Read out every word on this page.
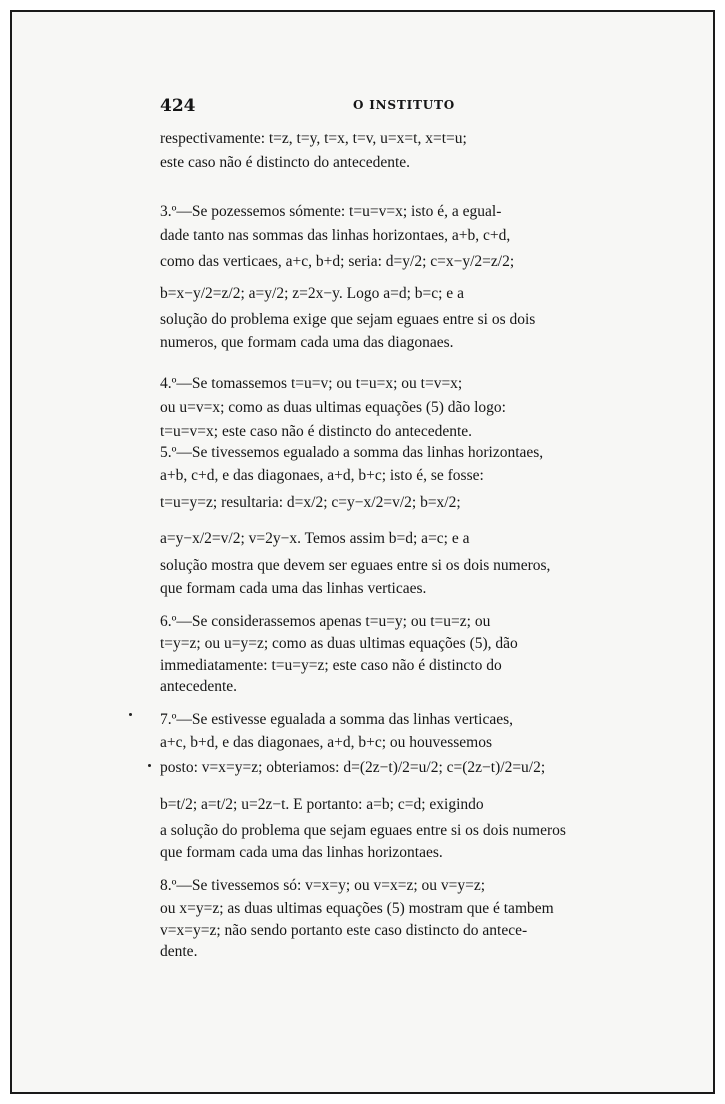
424	O INSTITUTO
respectivamente: t=z, t=y, t=x, t=v, u=x=t, x=t=u;
este caso não é distincto do antecedente.
3.º—Se pozessemos sómente: t=u=v=x; isto é, a egual-
dade tanto nas sommas das linhas horizontaes, a+b, c+d,
como das verticaes, a+c, b+d; seria: d=y/2; c=x−y/2=z/2;
b=x−y/2=z/2; a=y/2; z=2x−y. Logo a=d; b=c; e a
solução do problema exige que sejam eguaes entre si os dois
numeros, que formam cada uma das diagonaes.
4.º—Se tomassemos t=u=v; ou t=u=x; ou t=v=x;
ou u=v=x; como as duas ultimas equações (5) dão logo:
t=u=v=x; este caso não é distincto do antecedente.
5.º—Se tivessemos egualado a somma das linhas horizontaes,
a+b, c+d, e das diagonaes, a+d, b+c; isto é, se fosse:
t=u=y=z; resultaria: d=x/2; c=y−x/2=v/2; b=x/2;
a=y−x/2=v/2; v=2y−x. Temos assim b=d; a=c; e a
solução mostra que devem ser eguaes entre si os dois numeros,
que formam cada uma das linhas verticaes.
6.º—Se considerassemos apenas t=u=y; ou t=u=z; ou
t=y=z; ou u=y=z; como as duas ultimas equações (5), dão
immediatamente: t=u=y=z; este caso não é distincto do
antecedente.
7.º—Se estivesse egualada a somma das linhas verticaes,
a+c, b+d, e das diagonaes, a+d, b+c; ou houvessemos
posto: v=x=y=z; obteriamos: d=(2z−t)/2=u/2; c=(2z−t)/2=u/2;
b=t/2; a=t/2; u=2z−t. E portanto: a=b; c=d; exigindo
a solução do problema que sejam eguaes entre si os dois numeros
que formam cada uma das linhas horizontaes.
8.º—Se tivessemos só: v=x=y; ou v=x=z; ou v=y=z;
ou x=y=z; as duas ultimas equações (5) mostram que é tambem
v=x=y=z; não sendo portanto este caso distincto do antece-
dente.
